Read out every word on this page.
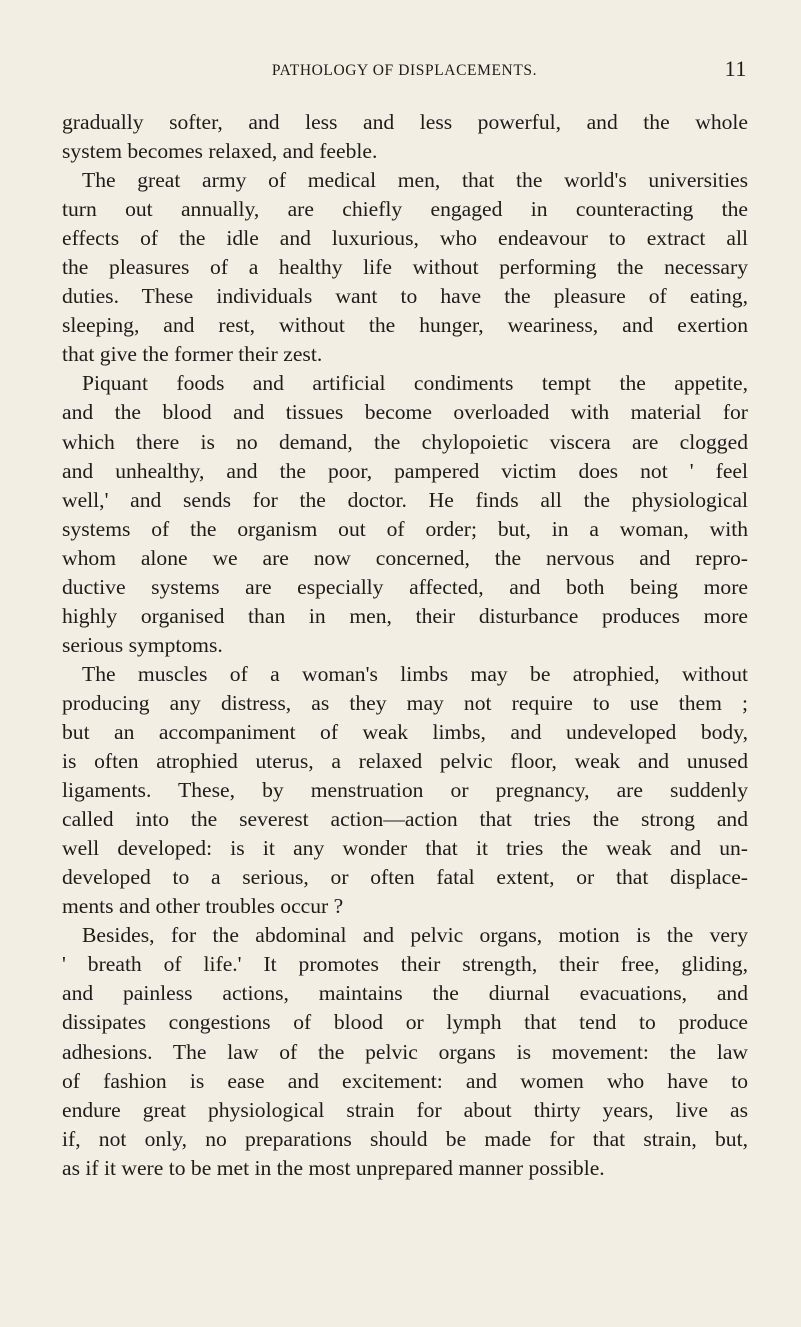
PATHOLOGY OF DISPLACEMENTS.	11
gradually softer, and less and less powerful, and the whole
system becomes relaxed, and feeble.
The great army of medical men, that the world's universities
turn out annually, are chiefly engaged in counteracting the
effects of the idle and luxurious, who endeavour to extract all
the pleasures of a healthy life without performing the necessary
duties. These individuals want to have the pleasure of eating,
sleeping, and rest, without the hunger, weariness, and exertion
that give the former their zest.
Piquant foods and artificial condiments tempt the appetite,
and the blood and tissues become overloaded with material for
which there is no demand, the chylopoietic viscera are clogged
and unhealthy, and the poor, pampered victim does not ' feel
well,' and sends for the doctor. He finds all the physiological
systems of the organism out of order; but, in a woman, with
whom alone we are now concerned, the nervous and repro-
ductive systems are especially affected, and both being more
highly organised than in men, their disturbance produces more
serious symptoms.
The muscles of a woman's limbs may be atrophied, without
producing any distress, as they may not require to use them ;
but an accompaniment of weak limbs, and undeveloped body,
is often atrophied uterus, a relaxed pelvic floor, weak and unused
ligaments. These, by menstruation or pregnancy, are suddenly
called into the severest action—action that tries the strong and
well developed: is it any wonder that it tries the weak and un-
developed to a serious, or often fatal extent, or that displace-
ments and other troubles occur ?
Besides, for the abdominal and pelvic organs, motion is the very
' breath of life.' It promotes their strength, their free, gliding,
and painless actions, maintains the diurnal evacuations, and
dissipates congestions of blood or lymph that tend to produce
adhesions. The law of the pelvic organs is movement: the law
of fashion is ease and excitement: and women who have to
endure great physiological strain for about thirty years, live as
if, not only, no preparations should be made for that strain, but,
as if it were to be met in the most unprepared manner possible.
